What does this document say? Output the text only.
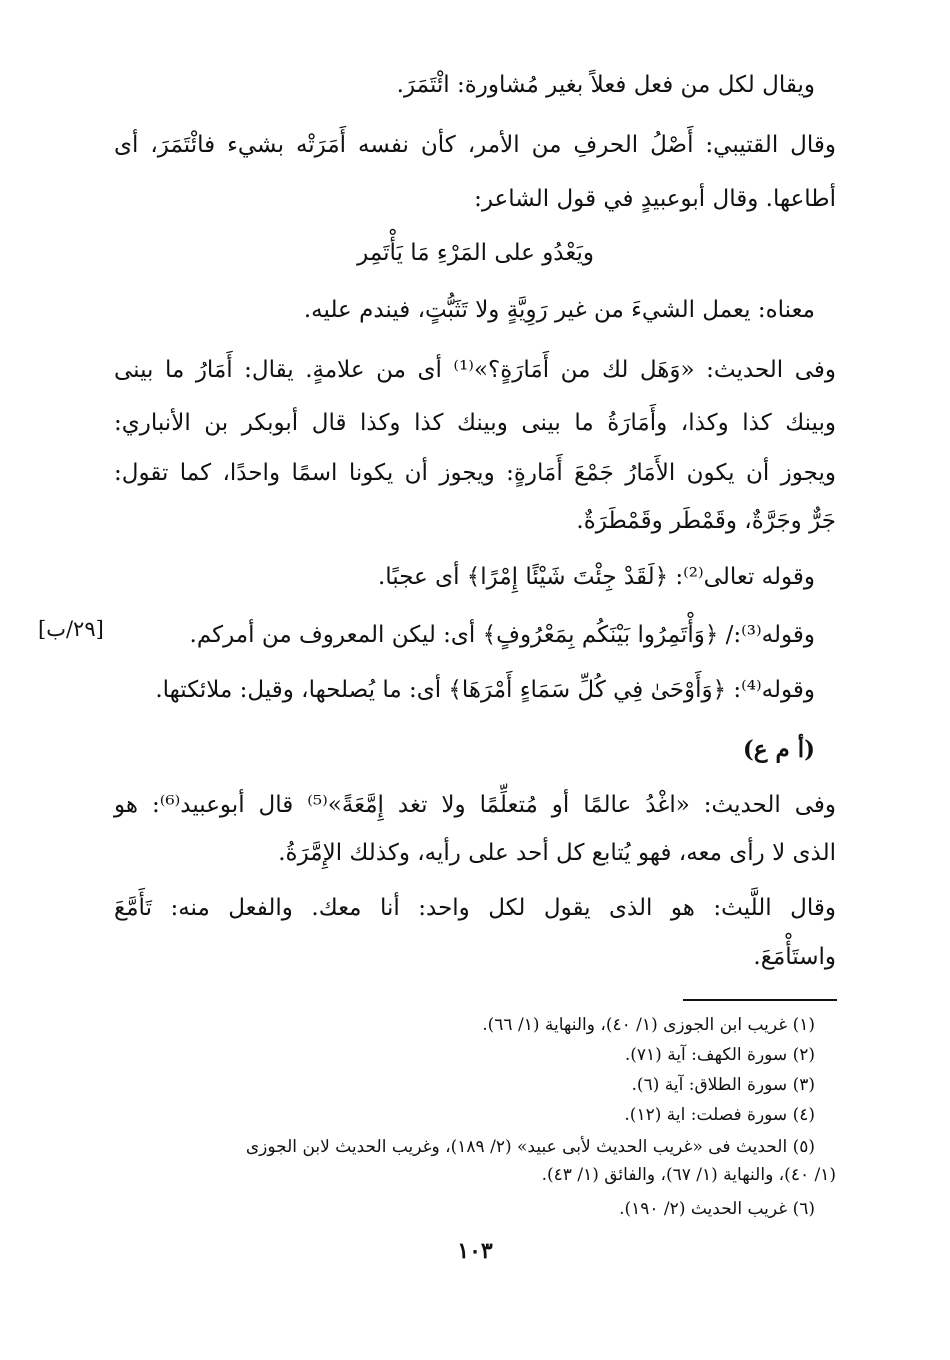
ويقال لكل من فعل فعلاً بغير مُشاورة: ائْتَمَرَ.
وقال القتيبي: أَصْلُ الحرفِ من الأمر، كأن نفسه أَمَرَتْه بشيء فائْتَمَرَ، أى
أطاعها. وقال أبوعبيدٍ في قول الشاعر:
ويَعْدُو على المَرْءِ مَا يَأْتَمِر
معناه: يعمل الشيءَ من غير رَوِيَّةٍ ولا تَثَبُّتٍ، فيندم عليه.
وفى الحديث: «وَهَل لك من أَمَارَةٍ؟»⁽¹⁾ أى من علامةٍ. يقال: أَمَارُ ما بينى
وبينك كذا وكذا، وأَمَارَةُ ما بينى وبينك كذا وكذا قال أبوبكر بن الأنباري:
ويجوز أن يكون الأَمَارُ جَمْعَ أَمَارةٍ: ويجوز أن يكونا اسمًا واحدًا، كما تقول:
جَرٌّ وجَرَّةٌ، وقَمْطَر وقَمْطَرَةٌ.
وقوله تعالى⁽²⁾: ﴿لَقَدْ جِئْتَ شَيْئًا إِمْرًا﴾ أى عجبًا.
وقوله⁽³⁾:/ ﴿وَأْتَمِرُوا بَيْنَكُم بِمَعْرُوفٍ﴾ أى: ليكن المعروف من أمركم.
[٢٩/ب]
وقوله⁽⁴⁾: ﴿وَأَوْحَىٰ فِي كُلِّ سَمَاءٍ أَمْرَهَا﴾ أى: ما يُصلحها، وقيل: ملائكتها.
(أ م ع)
وفى الحديث: «اغْدُ عالمًا أو مُتعلِّمًا ولا تغد إِمَّعَةً»⁽⁵⁾ قال أبوعبيد⁽⁶⁾: هو
الذى لا رأى معه، فهو يُتابع كل أحد على رأيه، وكذلك الإِمَّرَةُ.
وقال اللَّيث: هو الذى يقول لكل واحد: أنا معك. والفعل منه: تَأَمَّعَ
واستَأْمَعَ.
(١) غريب ابن الجوزى (١/ ٤٠)، والنهاية (١/ ٦٦).
(٢) سورة الكهف: آية (٧١).
(٣) سورة الطلاق: آية (٦).
(٤) سورة فصلت: اية (١٢).
(٥) الحديث فى «غريب الحديث لأبى عبيد» (٢/ ١٨٩)، وغريب الحديث لابن الجوزى
(١/ ٤٠)، والنهاية (١/ ٦٧)، والفائق (١/ ٤٣).
(٦) غريب الحديث (٢/ ١٩٠).
١٠٣
